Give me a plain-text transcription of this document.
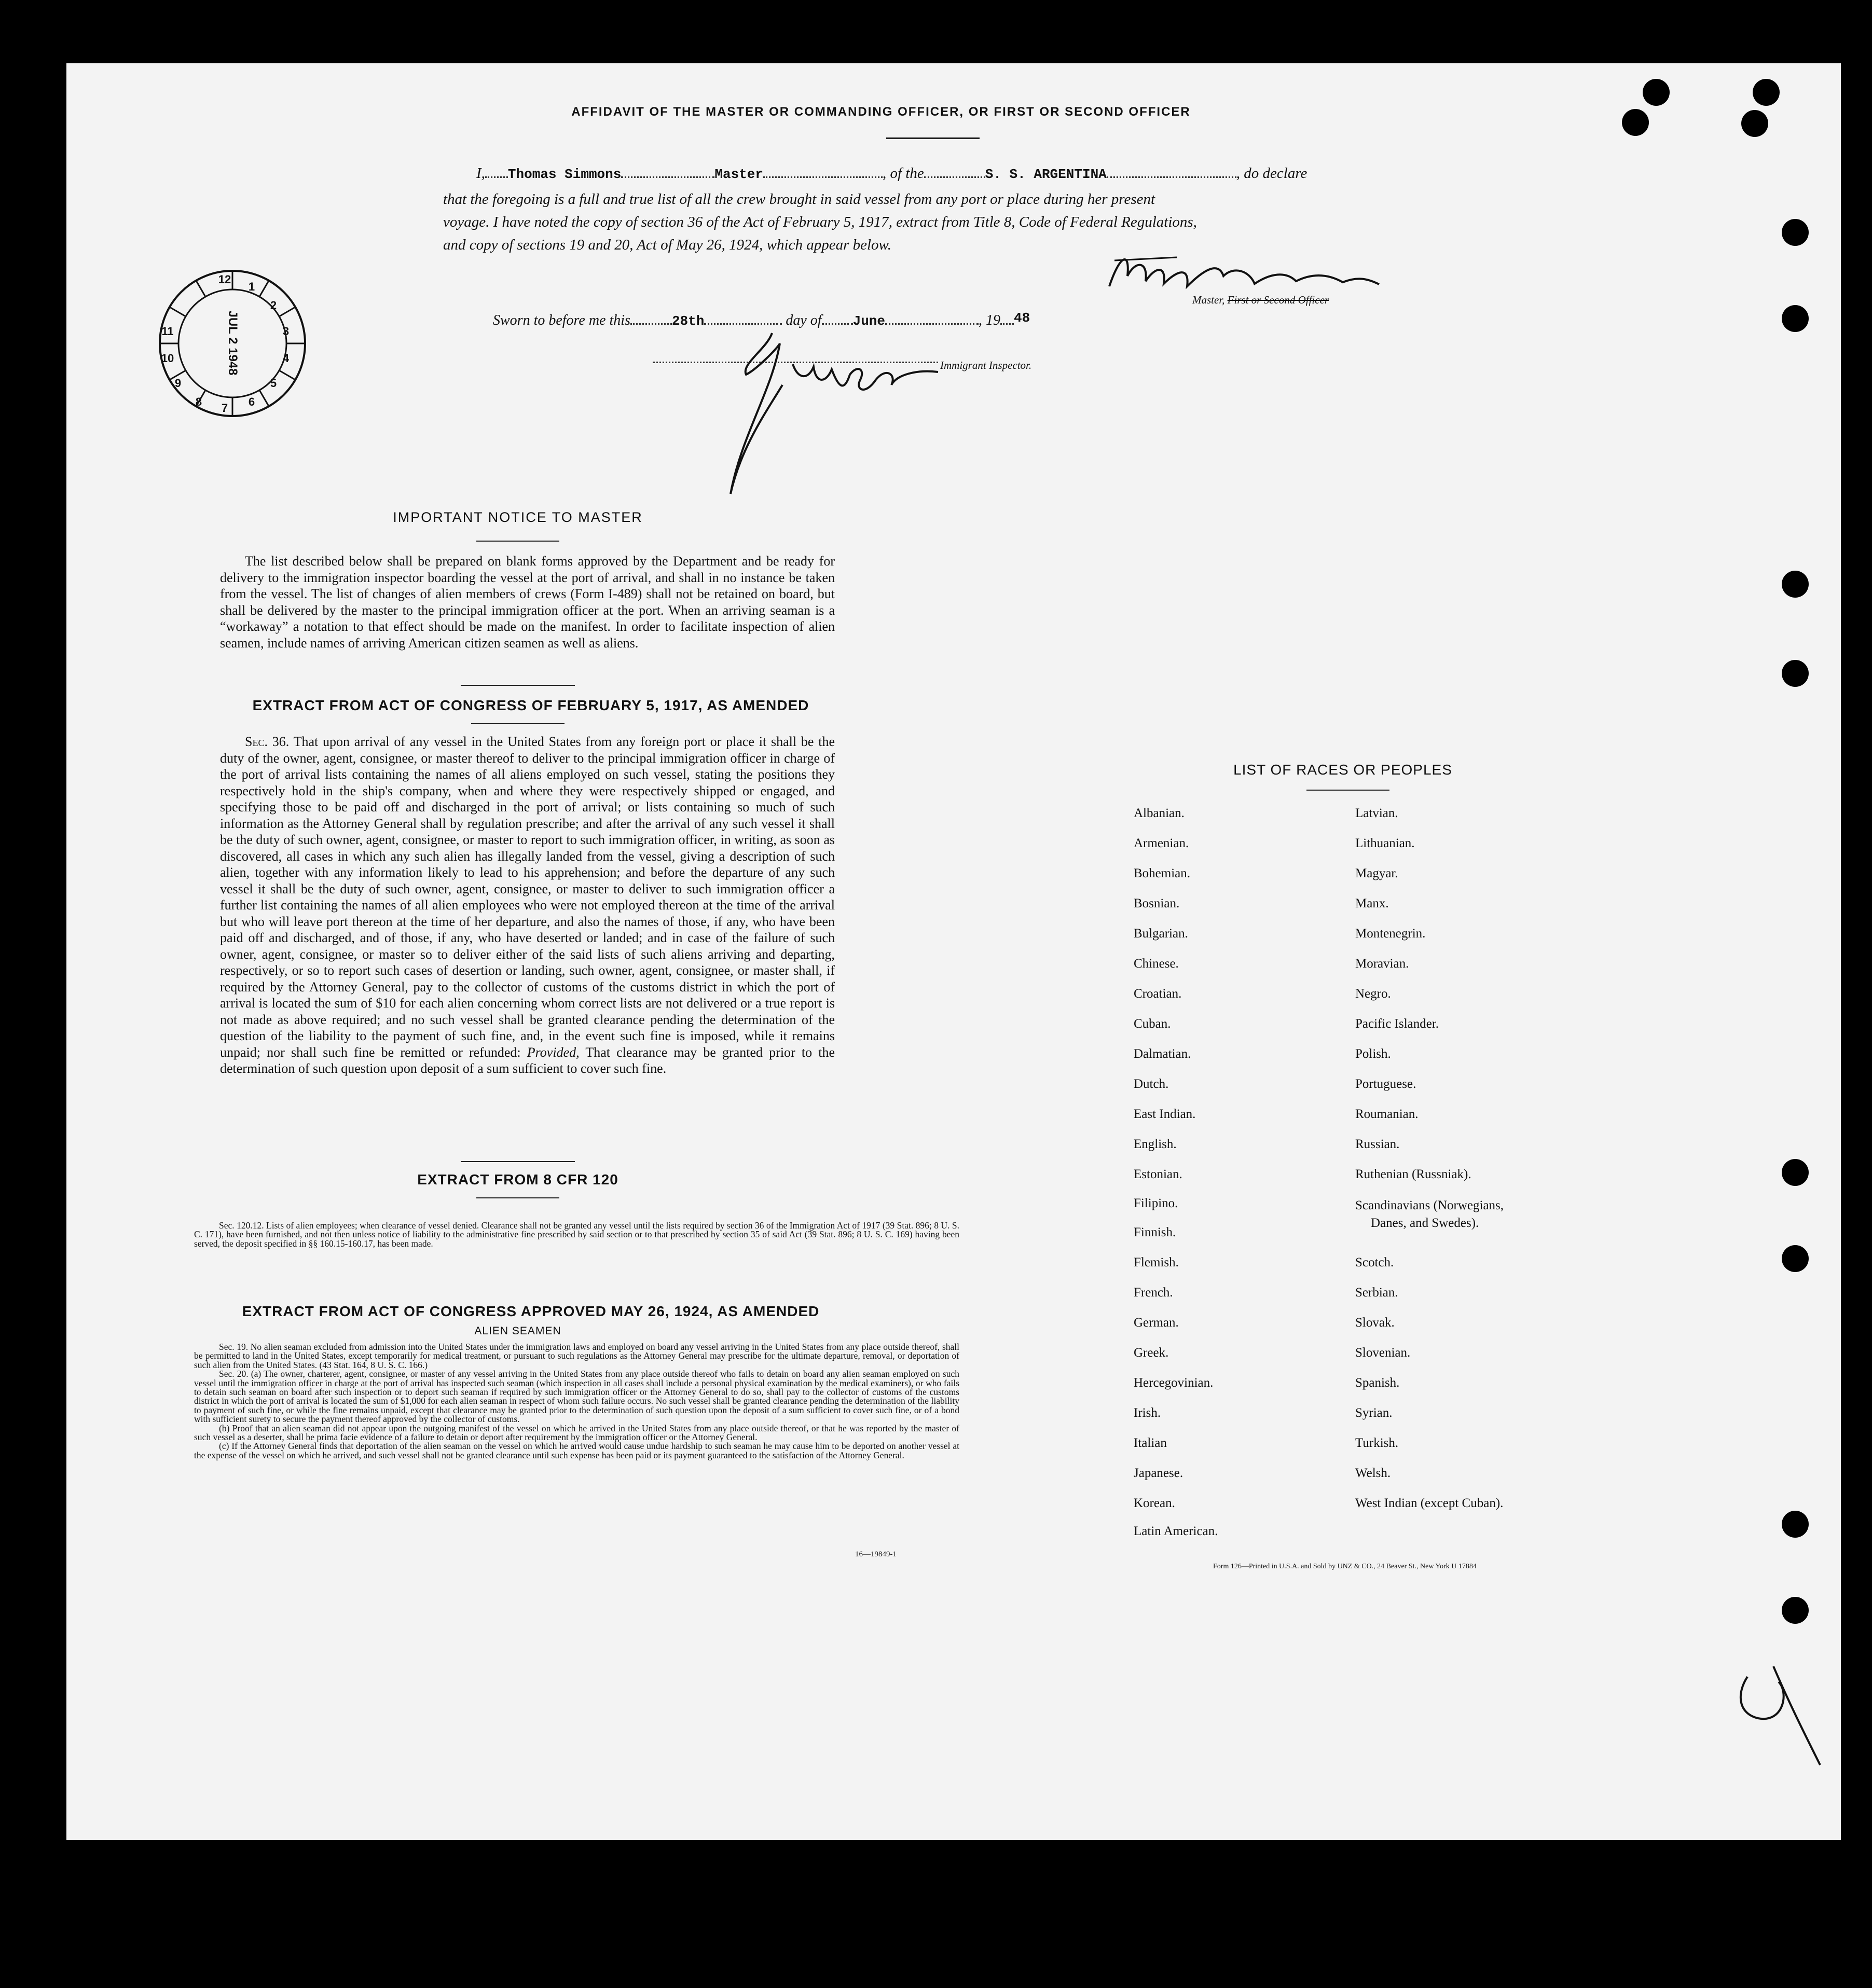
AFFIDAVIT OF THE MASTER OR COMMANDING OFFICER, OR FIRST OR SECOND OFFICER
I, Thomas Simmons	Master	, of the	S. S. ARGENTINA	, do declare
that the foregoing is a full and true list of all the crew brought in said vessel from any port or place during her present
voyage. I have noted the copy of section 36 of the Act of February 5, 1917, extract from Title 8, Code of Federal Regulations,
and copy of sections 19 and 20, Act of May 26, 1924, which appear below.
Master, First or Second Officer
Sworn to before me this	28th	day of June	, 19 48
Immigrant Inspector.
12
1
2
3
4
5
6
7
8
9
10
11	JUL 2 1948
IMPORTANT NOTICE TO MASTER
The list described below shall be prepared on blank forms approved by the Department and be ready for delivery to the immigration inspector boarding the vessel at the port of arrival, and shall in no instance be taken from the vessel. The list of changes of alien members of crews (Form I-489) shall not be retained on board, but shall be delivered by the master to the principal immigration officer at the port. When an arriving seaman is a “workaway” a notation to that effect should be made on the manifest. In order to facilitate inspection of alien seamen, include names of arriving American citizen seamen as well as aliens.
EXTRACT FROM ACT OF CONGRESS OF FEBRUARY 5, 1917, AS AMENDED
Sec. 36. That upon arrival of any vessel in the United States from any foreign port or place it shall be the duty of the owner, agent, consignee, or master thereof to deliver to the principal immigration officer in charge of the port of arrival lists containing the names of all aliens employed on such vessel, stating the positions they respectively hold in the ship's company, when and where they were respectively shipped or engaged, and specifying those to be paid off and discharged in the port of arrival; or lists containing so much of such information as the Attorney General shall by regulation prescribe; and after the arrival of any such vessel it shall be the duty of such owner, agent, consignee, or master to report to such immigration officer, in writing, as soon as discovered, all cases in which any such alien has illegally landed from the vessel, giving a description of such alien, together with any information likely to lead to his apprehension; and before the departure of any such vessel it shall be the duty of such owner, agent, consignee, or master to deliver to such immigration officer a further list containing the names of all alien employees who were not employed thereon at the time of the arrival but who will leave port thereon at the time of her departure, and also the names of those, if any, who have been paid off and discharged, and of those, if any, who have deserted or landed; and in case of the failure of such owner, agent, consignee, or master so to deliver either of the said lists of such aliens arriving and departing, respectively, or so to report such cases of desertion or landing, such owner, agent, consignee, or master shall, if required by the Attorney General, pay to the collector of customs of the customs district in which the port of arrival is located the sum of $10 for each alien concerning whom correct lists are not delivered or a true report is not made as above required; and no such vessel shall be granted clearance pending the determination of the question of the liability to the payment of such fine, and, in the event such fine is imposed, while it remains unpaid; nor shall such fine be remitted or refunded: Provided, That clearance may be granted prior to the determination of such question upon deposit of a sum sufficient to cover such fine.
EXTRACT FROM 8 CFR 120
Sec. 120.12. Lists of alien employees; when clearance of vessel denied. Clearance shall not be granted any vessel until the lists required by section 36 of the Immigration Act of 1917 (39 Stat. 896; 8 U. S. C. 171), have been furnished, and not then unless notice of liability to the administrative fine prescribed by said section or to that prescribed by section 35 of said Act (39 Stat. 896; 8 U. S. C. 169) having been served, the deposit specified in §§ 160.15-160.17, has been made.
EXTRACT FROM ACT OF CONGRESS APPROVED MAY 26, 1924, AS AMENDED
ALIEN SEAMEN
Sec. 19. No alien seaman excluded from admission into the United States under the immigration laws and employed on board any vessel arriving in the United States from any place outside thereof, shall be permitted to land in the United States, except temporarily for medical treatment, or pursuant to such regulations as the Attorney General may prescribe for the ultimate departure, removal, or deportation of such alien from the United States. (43 Stat. 164, 8 U. S. C. 166.)
Sec. 20. (a) The owner, charterer, agent, consignee, or master of any vessel arriving in the United States from any place outside thereof who fails to detain on board any alien seaman employed on such vessel until the immigration officer in charge at the port of arrival has inspected such seaman (which inspection in all cases shall include a personal physical examination by the medical examiners), or who fails to detain such seaman on board after such inspection or to deport such seaman if required by such immigration officer or the Attorney General to do so, shall pay to the collector of customs of the customs district in which the port of arrival is located the sum of $1,000 for each alien seaman in respect of whom such failure occurs. No such vessel shall be granted clearance pending the determination of the liability to payment of such fine, or while the fine remains unpaid, except that clearance may be granted prior to the determination of such question upon the deposit of a sum sufficient to cover such fine, or of a bond with sufficient surety to secure the payment thereof approved by the collector of customs.
(b) Proof that an alien seaman did not appear upon the outgoing manifest of the vessel on which he arrived in the United States from any place outside thereof, or that he was reported by the master of such vessel as a deserter, shall be prima facie evidence of a failure to detain or deport after requirement by the immigration officer or the Attorney General.
(c) If the Attorney General finds that deportation of the alien seaman on the vessel on which he arrived would cause undue hardship to such seaman he may cause him to be deported on another vessel at the expense of the vessel on which he arrived, and such vessel shall not be granted clearance until such expense has been paid or its payment guaranteed to the satisfaction of the Attorney General.
16—19849-1
LIST OF RACES OR PEOPLES
Albanian.
Armenian.
Bohemian.
Bosnian.
Bulgarian.
Chinese.
Croatian.
Cuban.
Dalmatian.
Dutch.
East Indian.
English.
Estonian.
Filipino.
Finnish.
Flemish.
French.
German.
Greek.
Hercegovinian.
Irish.
Italian
Japanese.
Korean.
Latin American.
Latvian.
Lithuanian.
Magyar.
Manx.
Montenegrin.
Moravian.
Negro.
Pacific Islander.
Polish.
Portuguese.
Roumanian.
Russian.
Ruthenian (Russniak).
Scandinavians (Norwegians,
Danes, and Swedes).
Scotch.
Serbian.
Slovak.
Slovenian.
Spanish.
Syrian.
Turkish.
Welsh.
West Indian (except Cuban).
Form 126—Printed in U.S.A. and Sold by UNZ & CO., 24 Beaver St., New York U 17884
